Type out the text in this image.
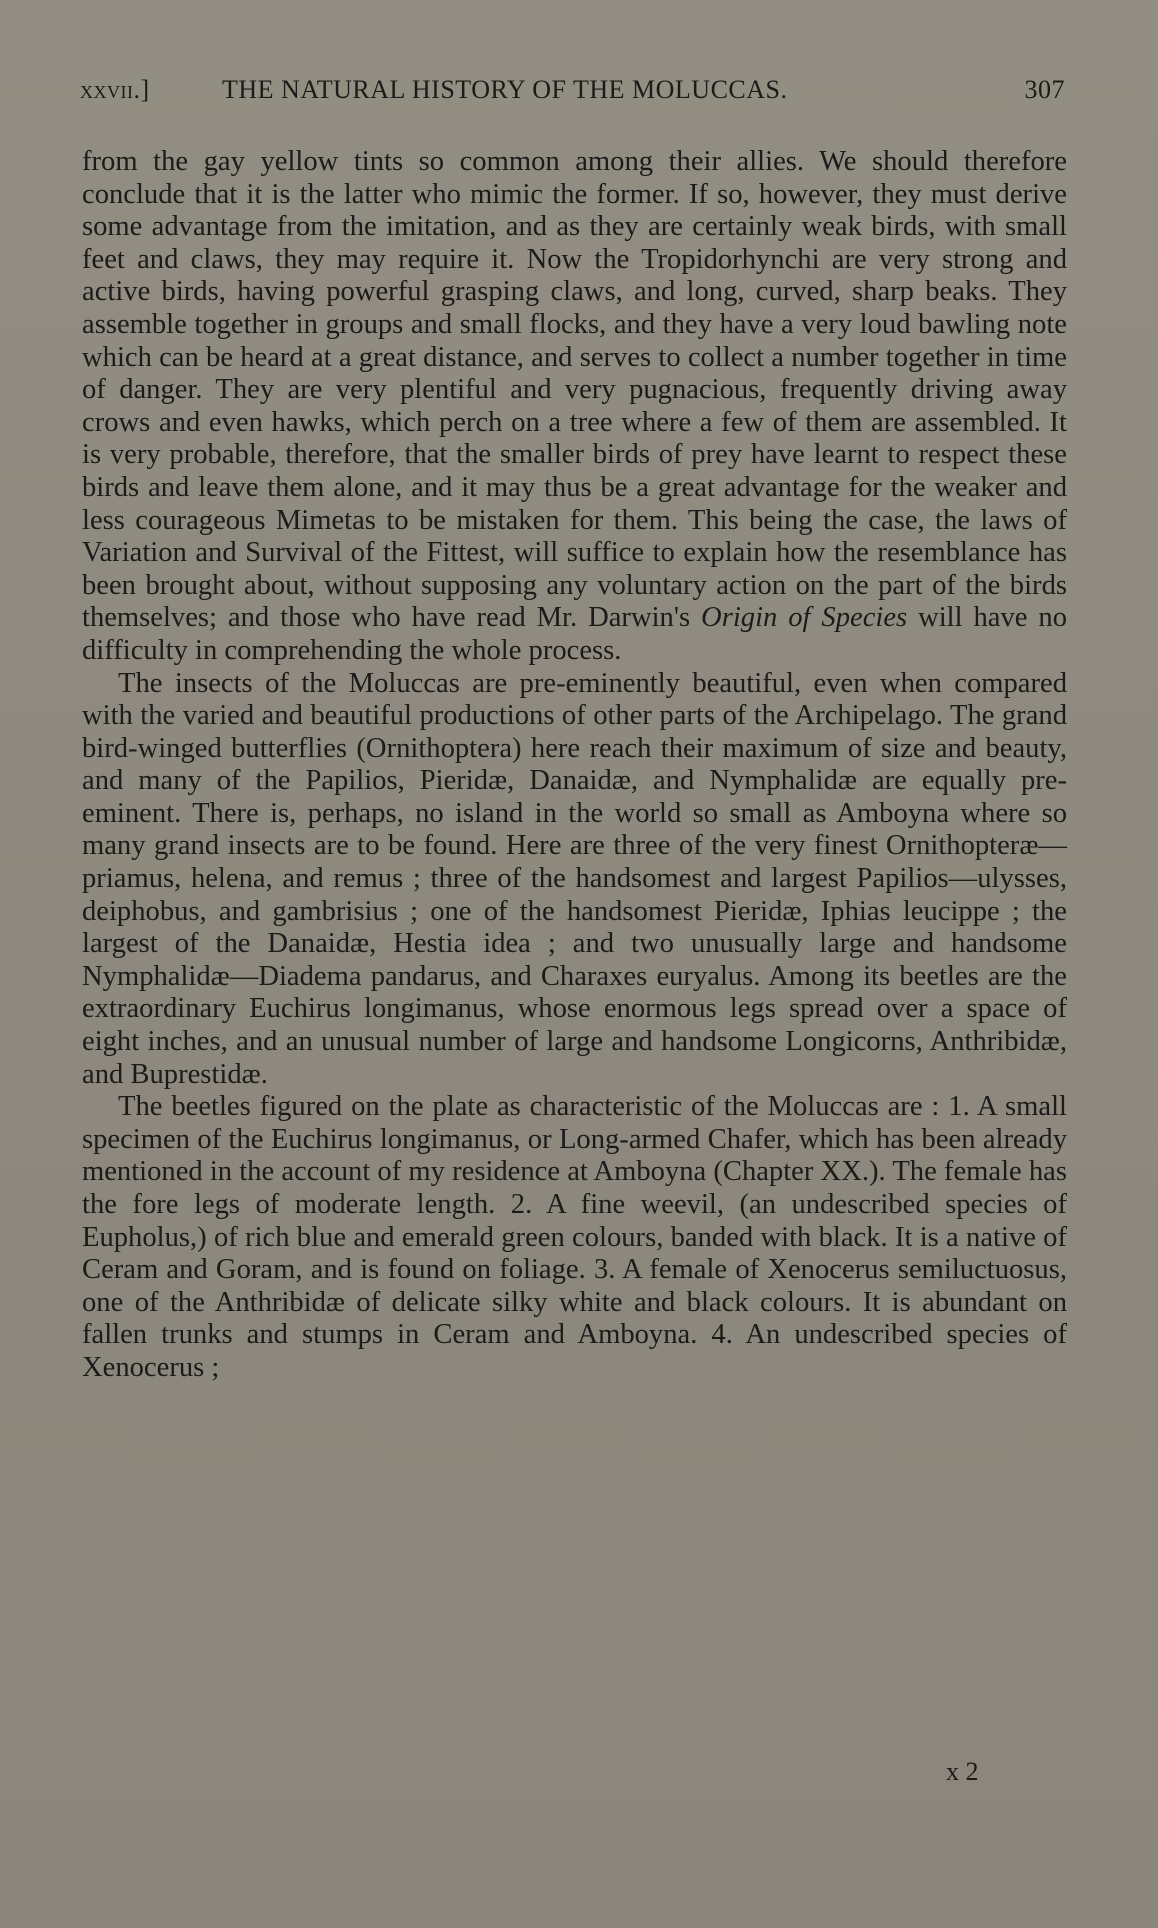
xxvii.]	THE NATURAL HISTORY OF THE MOLUCCAS.	307

from the gay yellow tints so common among their allies. We should therefore conclude that it is the latter who mimic the former. If so, however, they must derive some advantage from the imitation, and as they are certainly weak birds, with small feet and claws, they may require it. Now the Tropidorhynchi are very strong and active birds, having powerful grasping claws, and long, curved, sharp beaks. They assemble together in groups and small flocks, and they have a very loud bawling note which can be heard at a great distance, and serves to collect a number together in time of danger. They are very plentiful and very pugnacious, frequently driving away crows and even hawks, which perch on a tree where a few of them are assembled. It is very probable, therefore, that the smaller birds of prey have learnt to respect these birds and leave them alone, and it may thus be a great advantage for the weaker and less courageous Mimetas to be mistaken for them. This being the case, the laws of Variation and Survival of the Fittest, will suffice to explain how the resemblance has been brought about, without supposing any voluntary action on the part of the birds themselves; and those who have read Mr. Darwin's Origin of Species will have no difficulty in comprehending the whole process.

The insects of the Moluccas are pre-eminently beautiful, even when compared with the varied and beautiful productions of other parts of the Archipelago. The grand bird-winged butterflies (Ornithoptera) here reach their maximum of size and beauty, and many of the Papilios, Pieridæ, Danaidæ, and Nymphalidæ are equally pre-eminent. There is, perhaps, no island in the world so small as Amboyna where so many grand insects are to be found. Here are three of the very finest Ornithopteræ—priamus, helena, and remus ; three of the handsomest and largest Papilios—ulysses, deiphobus, and gambrisius ; one of the handsomest Pieridæ, Iphias leucippe ; the largest of the Danaidæ, Hestia idea ; and two unusually large and handsome Nymphalidæ—Diadema pandarus, and Charaxes euryalus. Among its beetles are the extraordinary Euchirus longimanus, whose enormous legs spread over a space of eight inches, and an unusual number of large and handsome Longicorns, Anthribidæ, and Buprestidæ.

The beetles figured on the plate as characteristic of the Moluccas are : 1. A small specimen of the Euchirus longimanus, or Long-armed Chafer, which has been already mentioned in the account of my residence at Amboyna (Chapter XX.). The female has the fore legs of moderate length. 2. A fine weevil, (an undescribed species of Eupholus,) of rich blue and emerald green colours, banded with black. It is a native of Ceram and Goram, and is found on foliage. 3. A female of Xenocerus semiluctuosus, one of the Anthribidæ of delicate silky white and black colours. It is abundant on fallen trunks and stumps in Ceram and Amboyna. 4. An undescribed species of Xenocerus ;

x 2
